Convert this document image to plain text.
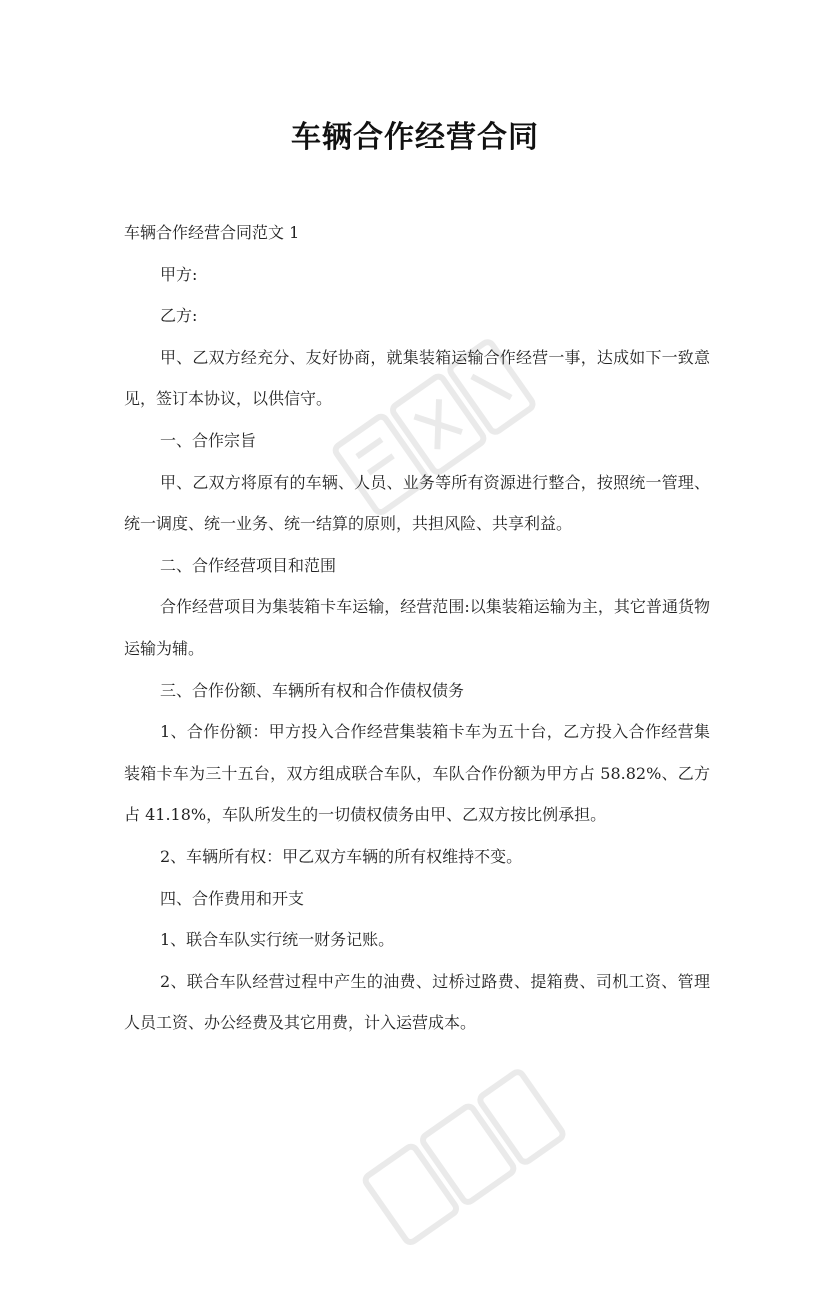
车辆合作经营合同

车辆合作经营合同范文 1

甲方:

乙方:

甲、乙双方经充分、友好协商，就集装箱运输合作经营一事，达成如下一致意见，签订本协议，以供信守。

一、合作宗旨

甲、乙双方将原有的车辆、人员、业务等所有资源进行整合，按照统一管理、统一调度、统一业务、统一结算的原则，共担风险、共享利益。

二、合作经营项目和范围

合作经营项目为集装箱卡车运输，经营范围:以集装箱运输为主，其它普通货物运输为辅。

三、合作份额、车辆所有权和合作债权债务

1、合作份额：甲方投入合作经营集装箱卡车为五十台，乙方投入合作经营集装箱卡车为三十五台，双方组成联合车队，车队合作份额为甲方占 58.82%、乙方占 41.18%，车队所发生的一切债权债务由甲、乙双方按比例承担。

2、车辆所有权：甲乙双方车辆的所有权维持不变。

四、合作费用和开支

1、联合车队实行统一财务记账。

2、联合车队经营过程中产生的油费、过桥过路费、提箱费、司机工资、管理人员工资、办公经费及其它用费，计入运营成本。
